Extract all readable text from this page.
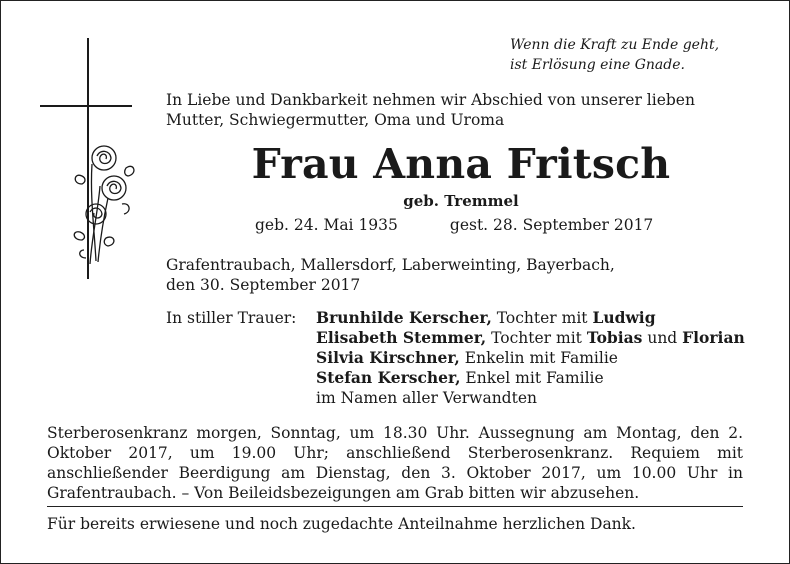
Wenn die Kraft zu Ende geht,
ist Erlösung eine Gnade.
In Liebe und Dankbarkeit nehmen wir Abschied von unserer lieben Mutter, Schwiegermutter, Oma und Uroma
Frau Anna Fritsch
geb. Tremmel
geb. 24. Mai 1935	gest. 28. September 2017
Grafentraubach, Mallersdorf, Laberweinting, Bayerbach,
den 30. September 2017
In stiller Trauer: Brunhilde Kerscher, Tochter mit Ludwig
Elisabeth Stemmer, Tochter mit Tobias und Florian
Silvia Kirschner, Enkelin mit Familie
Stefan Kerscher, Enkel mit Familie
im Namen aller Verwandten
Sterberosenkranz morgen, Sonntag, um 18.30 Uhr. Aussegnung am Montag, den 2. Oktober 2017, um 19.00 Uhr; anschließend Sterberosenkranz. Requiem mit anschließender Beerdigung am Dienstag, den 3. Oktober 2017, um 10.00 Uhr in Grafentraubach. – Von Beileidsbezeigungen am Grab bitten wir abzusehen.
Für bereits erwiesene und noch zugedachte Anteilnahme herzlichen Dank.
